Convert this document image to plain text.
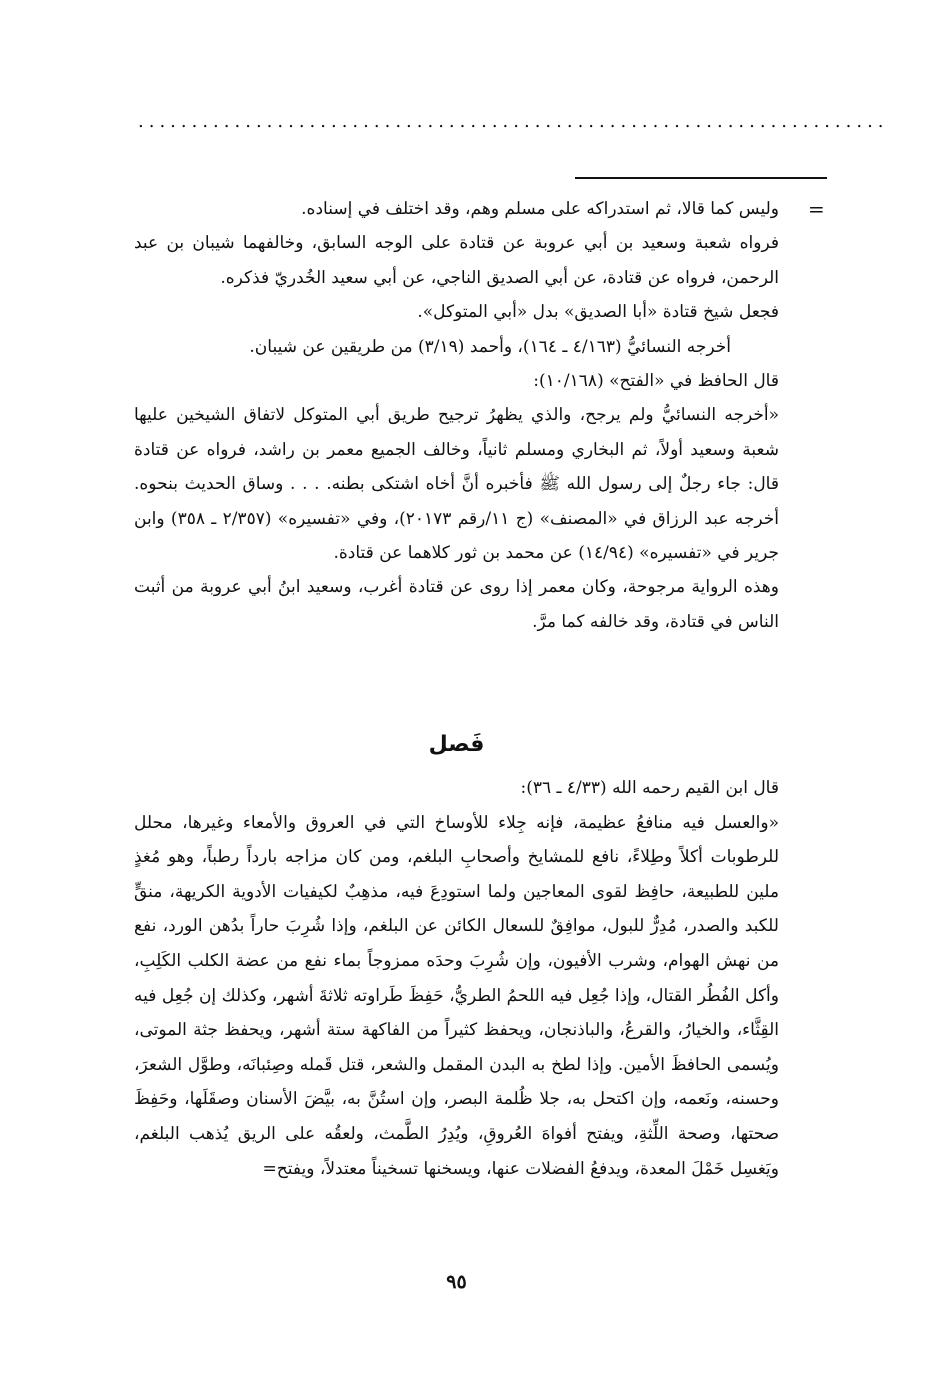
......................................................................
=

وليس كما قالا، ثم استدراكه على مسلم وهم، وقد اختلف في إسناده.

فرواه شعبة وسعيد بن أبي عروبة عن قتادة على الوجه السابق، وخالفهما شيبان بن عبد الرحمن، فرواه عن قتادة، عن أبي الصديق الناجي، عن أبي سعيد الخُدريّ فذكره.

فجعل شيخ قتادة «أبا الصديق» بدل «أبي المتوكل».

أخرجه النسائيُّ (٤/١٦٣ ـ ١٦٤)، وأحمد (٣/١٩) من طريقين عن شيبان.

قال الحافظ في «الفتح» (١٠/١٦٨):

«أخرجه النسائيُّ ولم يرجح، والذي يظهرُ ترجيح طريق أبي المتوكل لاتفاق الشيخين عليها شعبة وسعيد أولاً، ثم البخاري ومسلم ثانياً، وخالف الجميع معمر بن راشد، فرواه عن قتادة قال: جاء رجلٌ إلى رسول الله ﷺ فأخبره أنَّ أخاه اشتكى بطنه. . . . وساق الحديث بنحوه. أخرجه عبد الرزاق في «المصنف» (ج ١١/رقم ٢٠١٧٣)، وفي «تفسيره» (٢/٣٥٧ ـ ٣٥٨) وابن جرير في «تفسيره» (١٤/٩٤) عن محمد بن ثور كلاهما عن قتادة.

وهذه الرواية مرجوحة، وكان معمر إذا روى عن قتادة أغرب، وسعيد ابنُ أبي عروبة من أثبت الناس في قتادة، وقد خالفه كما مرَّ.

فَصل

قال ابن القيم رحمه الله (٤/٣٣ ـ ٣٦):

«والعسل فيه منافعُ عظيمة، فإنه جِلاء للأوساخ التي في العروق والأمعاء وغيرها، محلل للرطوبات أكلاً وطِلاءً، نافع للمشايخ وأصحابِ البلغم، ومن كان مزاجه بارداً رطباً، وهو مُغذٍ ملين للطبيعة، حافِظ لقوى المعاجين ولما استودِعَ فيه، مذهِبٌ لكيفيات الأدوية الكريهة، منقٍّ للكبد والصدر، مُدِرٌّ للبول، موافِقٌ للسعال الكائن عن البلغم، وإذا شُرِبَ حاراً بدُهن الورد، نفع من نهش الهوام، وشرب الأفيون، وإن شُرِبَ وحدَه ممزوجاً بماء نفع من عضة الكلب الكَلِبِ، وأكل الفُطُر القتال، وإذا جُعِل فيه اللحمُ الطريُّ، حَفِظَ طَراوته ثلاثةَ أشهر، وكذلك إن جُعِل فيه القِثَّاء، والخيارُ، والقرعُ، والباذنجان، ويحفظ كثيراً من الفاكهة ستة أشهر، ويحفظ جثة الموتى، ويُسمى الحافظَ الأمين. وإذا لطخ به البدن المقمل والشعر، قتل قَمله وصِئبانَه، وطوَّل الشعرَ، وحسنه، ونَعمه، وإن اكتحل به، جلا ظُلمة البصر، وإن استُنَّ به، بيَّضَ الأسنان وصقَلَها، وحَفِظَ صحتها، وصحة اللِّثةِ، ويفتح أفواهَ العُروقِ، ويُدِرُ الطَّمث، ولعقُه على الريق يُذهب البلغم، ويَغسِل خَمْلَ المعدة، ويدفعُ الفضلات عنها، ويسخنها تسخيناً معتدلاً، ويفتح=

٩٥
